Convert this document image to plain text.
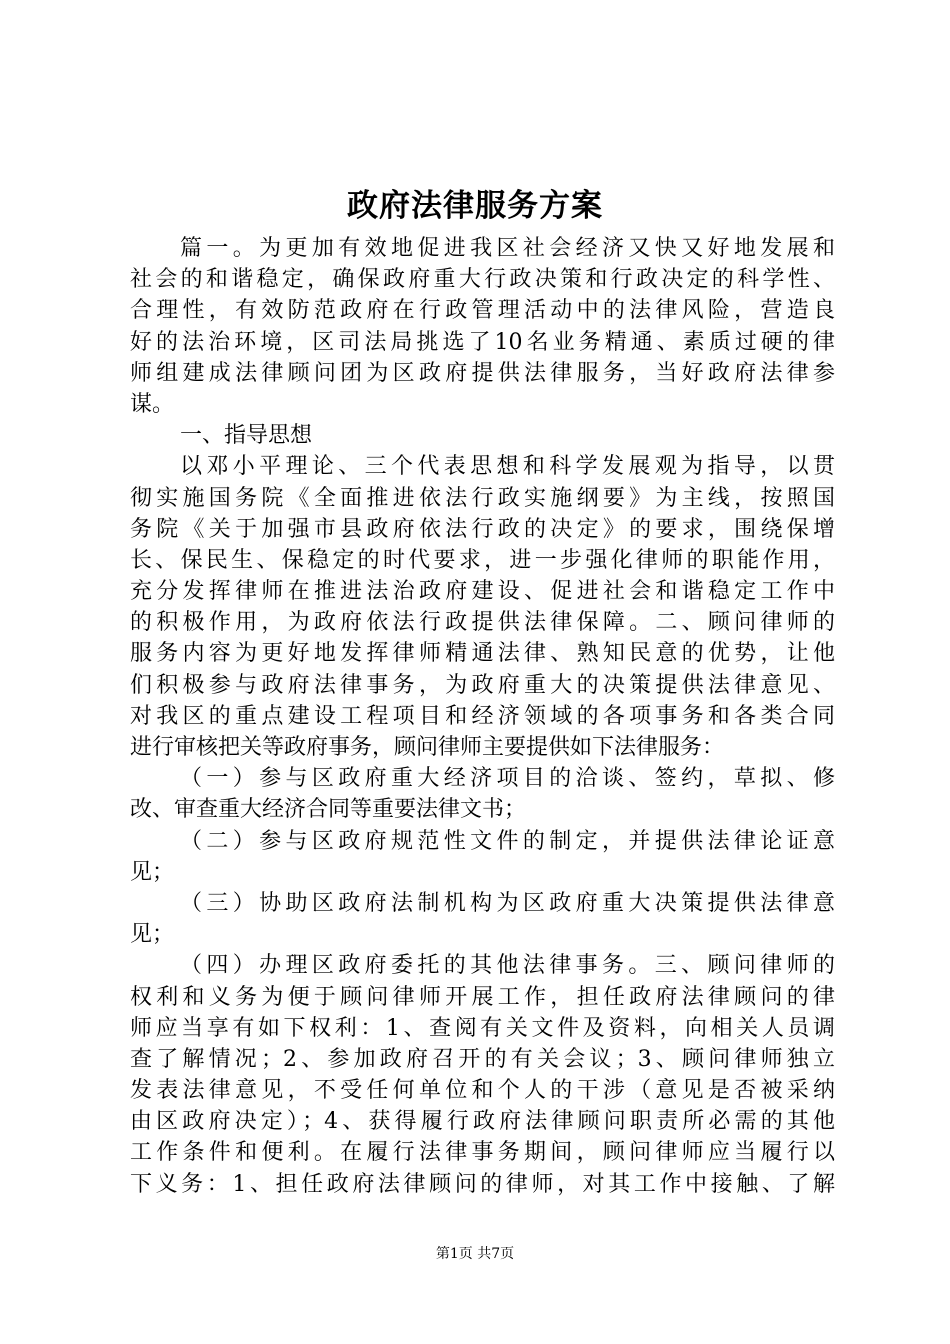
政府法律服务方案
篇一。为更加有效地促进我区社会经济又快又好地发展和
社会的和谐稳定，确保政府重大行政决策和行政决定的科学性、
合理性，有效防范政府在行政管理活动中的法律风险，营造良
好的法治环境，区司法局挑选了10名业务精通、素质过硬的律
师组建成法律顾问团为区政府提供法律服务，当好政府法律参
谋。
一、指导思想
以邓小平理论、三个代表思想和科学发展观为指导，以贯
彻实施国务院《全面推进依法行政实施纲要》为主线，按照国
务院《关于加强市县政府依法行政的决定》的要求，围绕保增
长、保民生、保稳定的时代要求，进一步强化律师的职能作用，
充分发挥律师在推进法治政府建设、促进社会和谐稳定工作中
的积极作用，为政府依法行政提供法律保障。二、顾问律师的
服务内容为更好地发挥律师精通法律、熟知民意的优势，让他
们积极参与政府法律事务，为政府重大的决策提供法律意见、
对我区的重点建设工程项目和经济领域的各项事务和各类合同
进行审核把关等政府事务，顾问律师主要提供如下法律服务：
（一）参与区政府重大经济项目的洽谈、签约，草拟、修
改、审查重大经济合同等重要法律文书；
（二）参与区政府规范性文件的制定，并提供法律论证意
见；
（三）协助区政府法制机构为区政府重大决策提供法律意
见；
（四）办理区政府委托的其他法律事务。三、顾问律师的
权利和义务为便于顾问律师开展工作，担任政府法律顾问的律
师应当享有如下权利：1、查阅有关文件及资料，向相关人员调
查了解情况；2、参加政府召开的有关会议；3、顾问律师独立
发表法律意见，不受任何单位和个人的干涉（意见是否被采纳
由区政府决定）；4、获得履行政府法律顾问职责所必需的其他
工作条件和便利。在履行法律事务期间，顾问律师应当履行以
下义务：1、担任政府法律顾问的律师，对其工作中接触、了解
第1页 共7页
